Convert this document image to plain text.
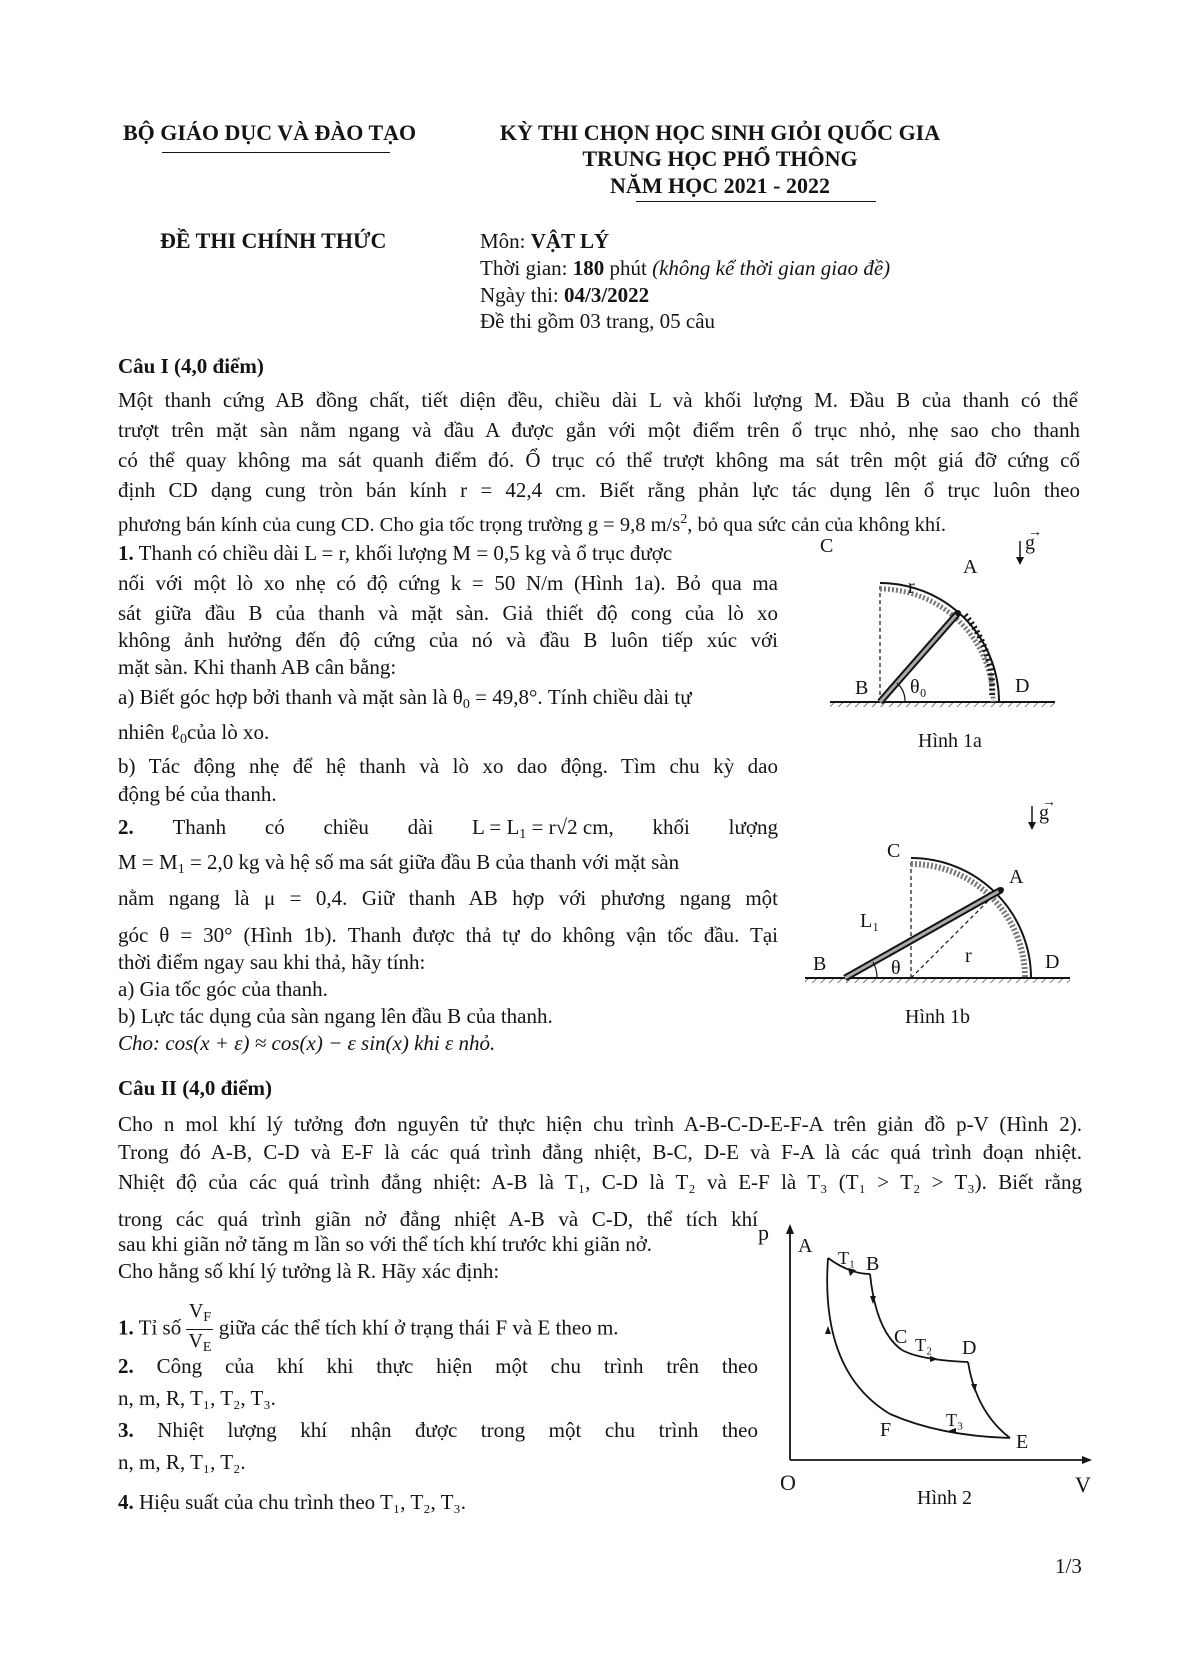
BỘ GIÁO DỤC VÀ ĐÀO TẠO	KỲ THI CHỌN HỌC SINH GIỎI QUỐC GIA
TRUNG HỌC PHỔ THÔNG
NĂM HỌC 2021 - 2022
ĐỀ THI CHÍNH THỨC	Môn: VẬT LÝ
Thời gian: 180 phút (không kể thời gian giao đề)
Ngày thi: 04/3/2022
Đề thi gồm 03 trang, 05 câu
Câu I (4,0 điểm)
Một thanh cứng AB đồng chất, tiết diện đều, chiều dài L và khối lượng M. Đầu B của thanh có thể
trượt trên mặt sàn nằm ngang và đầu A được gắn với một điểm trên ổ trục nhỏ, nhẹ sao cho thanh
có thể quay không ma sát quanh điểm đó. Ổ trục có thể trượt không ma sát trên một giá đỡ cứng cố
định CD dạng cung tròn bán kính r = 42,4 cm. Biết rằng phản lực tác dụng lên ổ trục luôn theo
phương bán kính của cung CD. Cho gia tốc trọng trường g = 9,8 $m/s^2$, bỏ qua sức cản của không khí.
1. Thanh có chiều dài L = r, khối lượng M = 0,5 kg và ổ trục được
nối với một lò xo nhẹ có độ cứng k = 50 N/m (Hình 1a). Bỏ qua ma
sát giữa đầu B của thanh và mặt sàn. Giả thiết độ cong của lò xo
không ảnh hưởng đến độ cứng của nó và đầu B luôn tiếp xúc với
mặt sàn. Khi thanh AB cân bằng:
a) Biết góc hợp bởi thanh và mặt sàn là $\theta_0 = 49,8^\circ$. Tính chiều dài tự
nhiên ℓ$_0$của lò xo.
b) Tác động nhẹ để hệ thanh và lò xo dao động. Tìm chu kỳ dao
động bé của thanh.
2. Thanh có chiều dài $L = L_1 = r√2$ cm, khối lượng
$M = M_1 = 2,0$ kg và hệ số ma sát giữa đầu B của thanh với mặt sàn
nằm ngang là μ = 0,4. Giữ thanh AB hợp với phương ngang một
góc θ = 30° (Hình 1b). Thanh được thả tự do không vận tốc đầu. Tại
thời điểm ngay sau khi thả, hãy tính:
a) Gia tốc góc của thanh.
b) Lực tác dụng của sàn ngang lên đầu B của thanh.
Cho: cos(x + ε) ≈ cos(x) − ε sin(x) khi ε nhỏ.
g
→
C
A
r
B θ₀	D
Hình 1a
g
→
C
A
L₁
r
B	θ	D
Hình 1b
Câu II (4,0 điểm)
Cho n mol khí lý tưởng đơn nguyên tử thực hiện chu trình A-B-C-D-E-F-A trên giản đồ p-V (Hình 2).
Trong đó A-B, C-D và E-F là các quá trình đẳng nhiệt, B-C, D-E và F-A là các quá trình đoạn nhiệt.
Nhiệt độ của các quá trình đẳng nhiệt: A-B là T₁, C-D là T₂ và E-F là T₃ (T₁ > T₂ > T₃). Biết rằng
trong các quá trình giãn nở đẳng nhiệt A-B và C-D, thể tích khí
sau khi giãn nở tăng m lần so với thể tích khí trước khi giãn nở.
Cho hằng số khí lý tưởng là R. Hãy xác định:
1. Tỉ số $\frac{V_F}{V_E}$ giữa các thể tích khí ở trạng thái F và E theo m.
2. Công của khí khi thực hiện một chu trình trên theo
n, m, R, T₁, T₂, T₃.
3. Nhiệt lượng khí nhận được trong một chu trình theo
n, m, R, T₁, T₂.
4. Hiệu suất của chu trình theo T₁, T₂, T₃.
p
O	V
A
T₁ B
C T₂ D
T₃
E
F
Hình 2
1/3
